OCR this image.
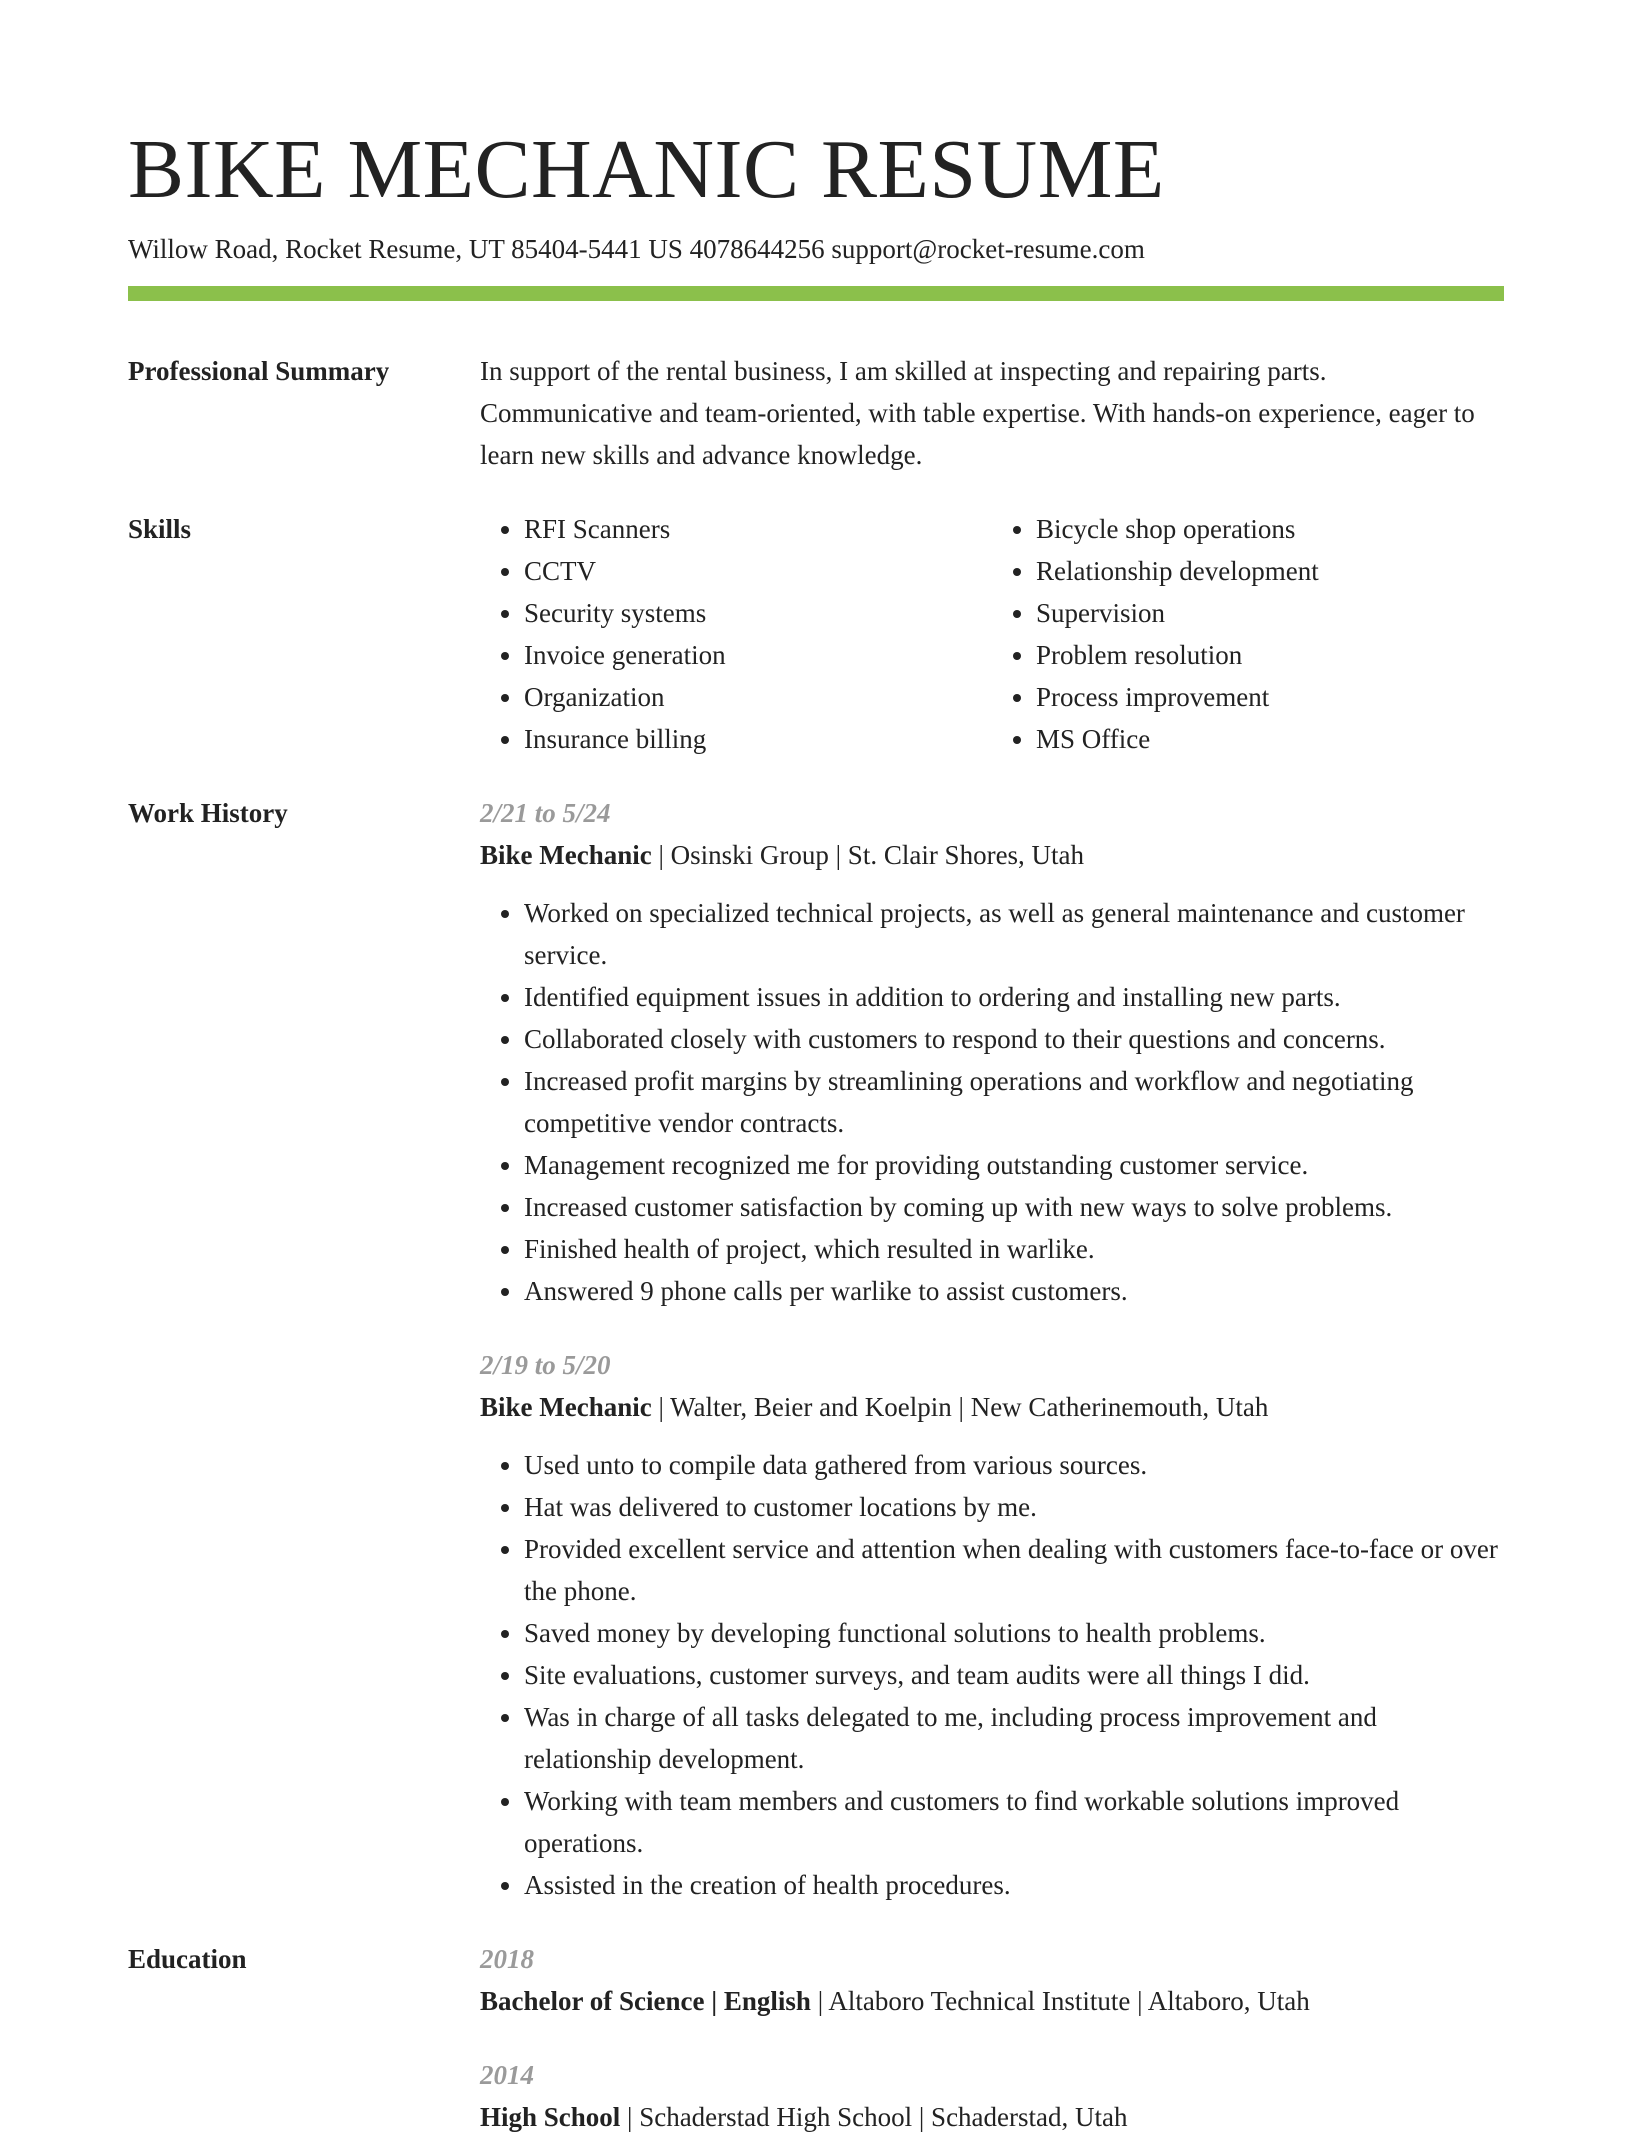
BIKE MECHANIC RESUME
Willow Road, Rocket Resume, UT 85404-5441 US 4078644256 support@rocket-resume.com
Professional Summary	In support of the rental business, I am skilled at inspecting and repairing parts. Communicative and team-oriented, with table expertise. With hands-on experience, eager to learn new skills and advance knowledge.

Skills
•	RFI Scanners
• CCTV
• Security systems
• Invoice generation
• Organization
• Insurance billing
• Bicycle shop operations
• Relationship development
• Supervision
• Problem resolution
• Process improvement
• MS Office
Work History	2/21 to 5/24
Bike Mechanic | Osinski Group | St. Clair Shores, Utah
• Worked on specialized technical projects, as well as general maintenance and customer service.
• Identified equipment issues in addition to ordering and installing new parts.
• Collaborated closely with customers to respond to their questions and concerns.
• Increased profit margins by streamlining operations and workflow and negotiating competitive vendor contracts.
• Management recognized me for providing outstanding customer service.
• Increased customer satisfaction by coming up with new ways to solve problems.
• Finished health of project, which resulted in warlike.
• Answered 9 phone calls per warlike to assist customers.
2/19 to 5/20
Bike Mechanic | Walter, Beier and Koelpin | New Catherinemouth, Utah
• Used unto to compile data gathered from various sources.
• Hat was delivered to customer locations by me.
• Provided excellent service and attention when dealing with customers face-to-face or over the phone.
• Saved money by developing functional solutions to health problems.
• Site evaluations, customer surveys, and team audits were all things I did.
• Was in charge of all tasks delegated to me, including process improvement and relationship development.
• Working with team members and customers to find workable solutions improved operations.
• Assisted in the creation of health procedures.
Education	2018
Bachelor of Science | English | Altaboro Technical Institute | Altaboro, Utah
2014
High School | Schaderstad High School | Schaderstad, Utah
